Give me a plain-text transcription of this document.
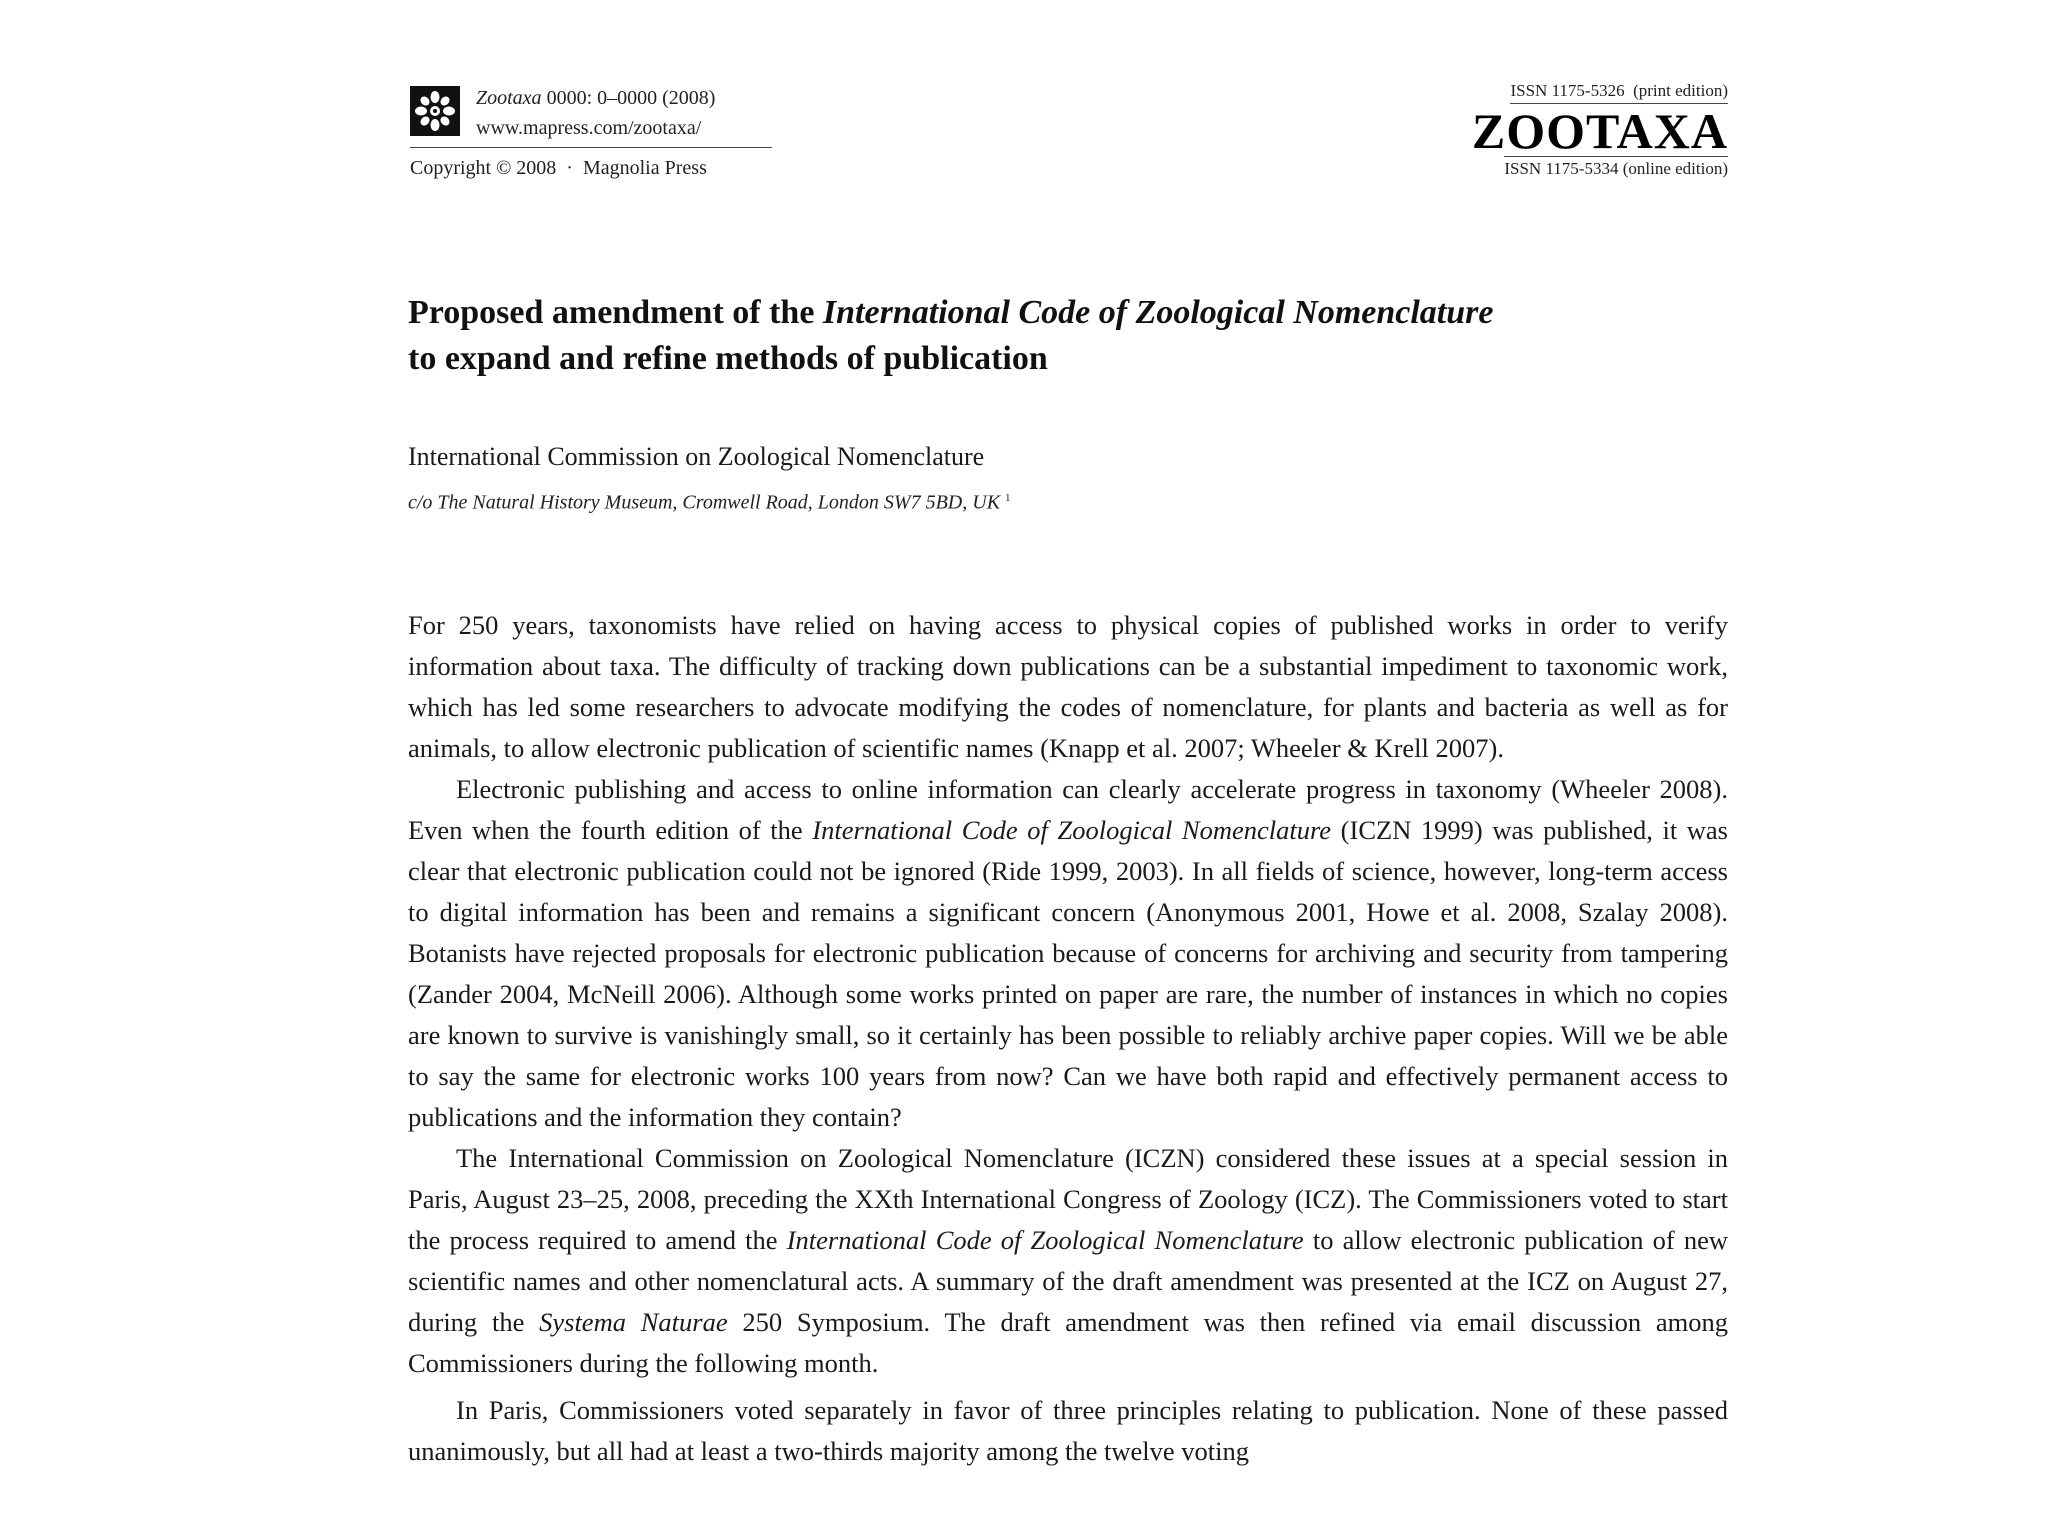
Zootaxa 0000: 0–0000 (2008)
www.mapress.com/zootaxa/
Copyright © 2008  ·  Magnolia Press
ISSN 1175-5326  (print edition)
ZOOTAXA
ISSN 1175-5334 (online edition)
Proposed amendment of the International Code of Zoological Nomenclature
to expand and refine methods of publication
International Commission on Zoological Nomenclature
c/o The Natural History Museum, Cromwell Road, London SW7 5BD, UK $^1$

For 250 years, taxonomists have relied on having access to physical copies of published works in order to verify information about taxa. The difficulty of tracking down publications can be a substantial impediment to taxonomic work, which has led some researchers to advocate modifying the codes of nomenclature, for plants and bacteria as well as for animals, to allow electronic publication of scientific names (Knapp et al. 2007; Wheeler & Krell 2007).

Electronic publishing and access to online information can clearly accelerate progress in taxonomy (Wheeler 2008). Even when the fourth edition of the International Code of Zoological Nomenclature (ICZN 1999) was published, it was clear that electronic publication could not be ignored (Ride 1999, 2003). In all fields of science, however, long-term access to digital information has been and remains a significant concern (Anonymous 2001, Howe et al. 2008, Szalay 2008). Botanists have rejected proposals for electronic publication because of concerns for archiving and security from tampering (Zander 2004, McNeill 2006). Although some works printed on paper are rare, the number of instances in which no copies are known to survive is vanishingly small, so it certainly has been possible to reliably archive paper copies. Will we be able to say the same for electronic works 100 years from now? Can we have both rapid and effectively permanent access to publications and the information they contain?

The International Commission on Zoological Nomenclature (ICZN) considered these issues at a special session in Paris, August 23–25, 2008, preceding the XXth International Congress of Zoology (ICZ). The Commissioners voted to start the process required to amend the International Code of Zoological Nomenclature to allow electronic publication of new scientific names and other nomenclatural acts. A summary of the draft amendment was presented at the ICZ on August 27, during the Systema Naturae 250 Symposium. The draft amendment was then refined via email discussion among Commissioners during the following month.

In Paris, Commissioners voted separately in favor of three principles relating to publication. None of these passed unanimously, but all had at least a two-thirds majority among the twelve voting
